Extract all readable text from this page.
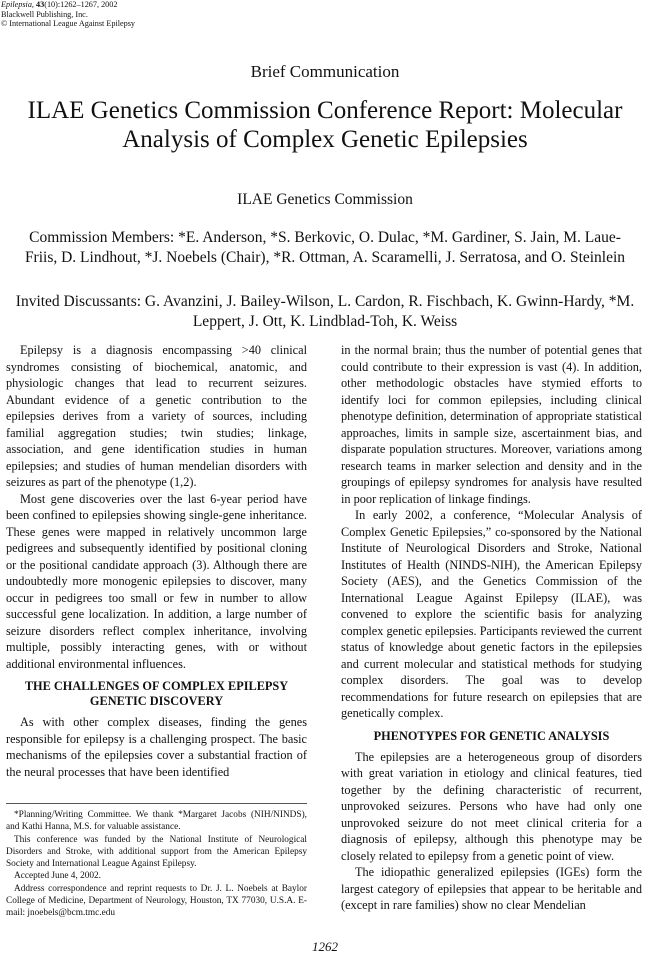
Epilepsia, 43(10):1262–1267, 2002
Blackwell Publishing, Inc.
© International League Against Epilepsy
Brief Communication
ILAE Genetics Commission Conference Report: Molecular Analysis of Complex Genetic Epilepsies
ILAE Genetics Commission
Commission Members: *E. Anderson, *S. Berkovic, O. Dulac, *M. Gardiner, S. Jain, M. Laue-Friis, D. Lindhout, *J. Noebels (Chair), *R. Ottman, A. Scaramelli, J. Serratosa, and O. Steinlein
Invited Discussants: G. Avanzini, J. Bailey-Wilson, L. Cardon, R. Fischbach, K. Gwinn-Hardy, *M. Leppert, J. Ott, K. Lindblad-Toh, K. Weiss

Epilepsy is a diagnosis encompassing >40 clinical syndromes consisting of biochemical, anatomic, and physiologic changes that lead to recurrent seizures. Abundant evidence of a genetic contribution to the epilepsies derives from a variety of sources, including familial aggregation studies; twin studies; linkage, association, and gene identification studies in human epilepsies; and studies of human mendelian disorders with seizures as part of the phenotype (1,2).

Most gene discoveries over the last 6-year period have been confined to epilepsies showing single-gene inheritance. These genes were mapped in relatively uncommon large pedigrees and subsequently identified by positional cloning or the positional candidate approach (3). Although there are undoubtedly more monogenic epilepsies to discover, many occur in pedigrees too small or few in number to allow successful gene localization. In addition, a large number of seizure disorders reflect complex inheritance, involving multiple, possibly interacting genes, with or without additional environmental influences.

THE CHALLENGES OF COMPLEX EPILEPSY GENETIC DISCOVERY

As with other complex diseases, finding the genes responsible for epilepsy is a challenging prospect. The basic mechanisms of the epilepsies cover a substantial fraction of the neural processes that have been identified

in the normal brain; thus the number of potential genes that could contribute to their expression is vast (4). In addition, other methodologic obstacles have stymied efforts to identify loci for common epilepsies, including clinical phenotype definition, determination of appropriate statistical approaches, limits in sample size, ascertainment bias, and disparate population structures. Moreover, variations among research teams in marker selection and density and in the groupings of epilepsy syndromes for analysis have resulted in poor replication of linkage findings.

In early 2002, a conference, “Molecular Analysis of Complex Genetic Epilepsies,” co-sponsored by the National Institute of Neurological Disorders and Stroke, National Institutes of Health (NINDS-NIH), the American Epilepsy Society (AES), and the Genetics Commission of the International League Against Epilepsy (ILAE), was convened to explore the scientific basis for analyzing complex genetic epilepsies. Participants reviewed the current status of knowledge about genetic factors in the epilepsies and current molecular and statistical methods for studying complex disorders. The goal was to develop recommendations for future research on epilepsies that are genetically complex.

PHENOTYPES FOR GENETIC ANALYSIS

The epilepsies are a heterogeneous group of disorders with great variation in etiology and clinical features, tied together by the defining characteristic of recurrent, unprovoked seizures. Persons who have had only one unprovoked seizure do not meet clinical criteria for a diagnosis of epilepsy, although this phenotype may be closely related to epilepsy from a genetic point of view.

The idiopathic generalized epilepsies (IGEs) form the largest category of epilepsies that appear to be heritable and (except in rare families) show no clear Mendelian

*Planning/Writing Committee. We thank *Margaret Jacobs (NIH/NINDS), and Kathi Hanna, M.S. for valuable assistance.

This conference was funded by the National Institute of Neurological Disorders and Stroke, with additional support from the American Epilepsy Society and International League Against Epilepsy.

Accepted June 4, 2002.

Address correspondence and reprint requests to Dr. J. L. Noebels at Baylor College of Medicine, Department of Neurology, Houston, TX 77030, U.S.A. E-mail: jnoebels@bcm.tmc.edu

1262
